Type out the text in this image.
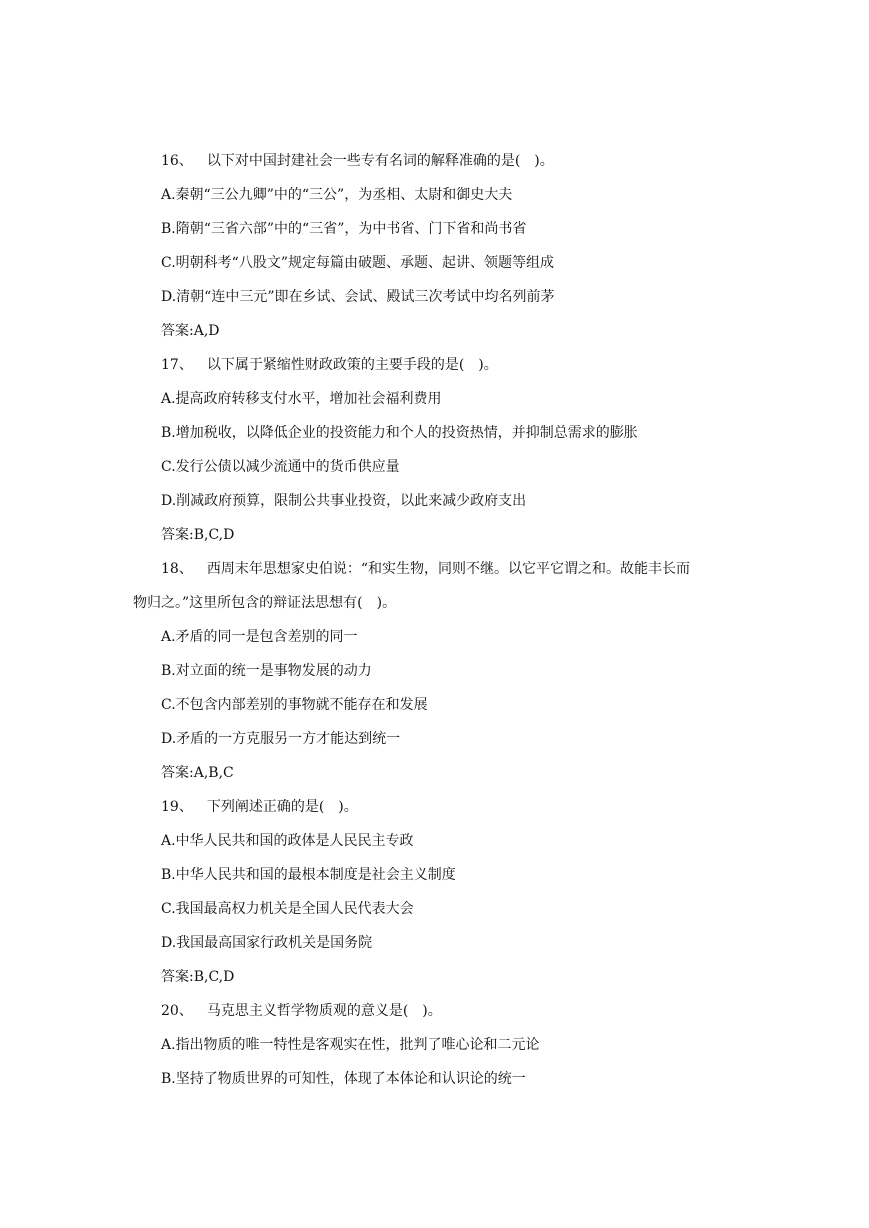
16、 以下对中国封建社会一些专有名词的解释准确的是(　)。
A.秦朝“三公九卿”中的“三公”，为丞相、太尉和御史大夫
B.隋朝“三省六部”中的“三省”，为中书省、门下省和尚书省
C.明朝科考“八股文”规定每篇由破题、承题、起讲、领题等组成
D.清朝“连中三元”即在乡试、会试、殿试三次考试中均名列前茅
答案:A,D
17、 以下属于紧缩性财政政策的主要手段的是(　)。
A.提高政府转移支付水平，增加社会福利费用
B.增加税收，以降低企业的投资能力和个人的投资热情，并抑制总需求的膨胀
C.发行公债以减少流通中的货币供应量
D.削减政府预算，限制公共事业投资，以此来减少政府支出
答案:B,C,D
18、 西周末年思想家史伯说：“和实生物，同则不继。以它平它谓之和。故能丰长而
物归之。”这里所包含的辩证法思想有(　)。
A.矛盾的同一是包含差别的同一
B.对立面的统一是事物发展的动力
C.不包含内部差别的事物就不能存在和发展
D.矛盾的一方克服另一方才能达到统一
答案:A,B,C
19、 下列阐述正确的是(　)。
A.中华人民共和国的政体是人民民主专政
B.中华人民共和国的最根本制度是社会主义制度
C.我国最高权力机关是全国人民代表大会
D.我国最高国家行政机关是国务院
答案:B,C,D
20、 马克思主义哲学物质观的意义是(　)。
A.指出物质的唯一特性是客观实在性，批判了唯心论和二元论
B.坚持了物质世界的可知性，体现了本体论和认识论的统一
